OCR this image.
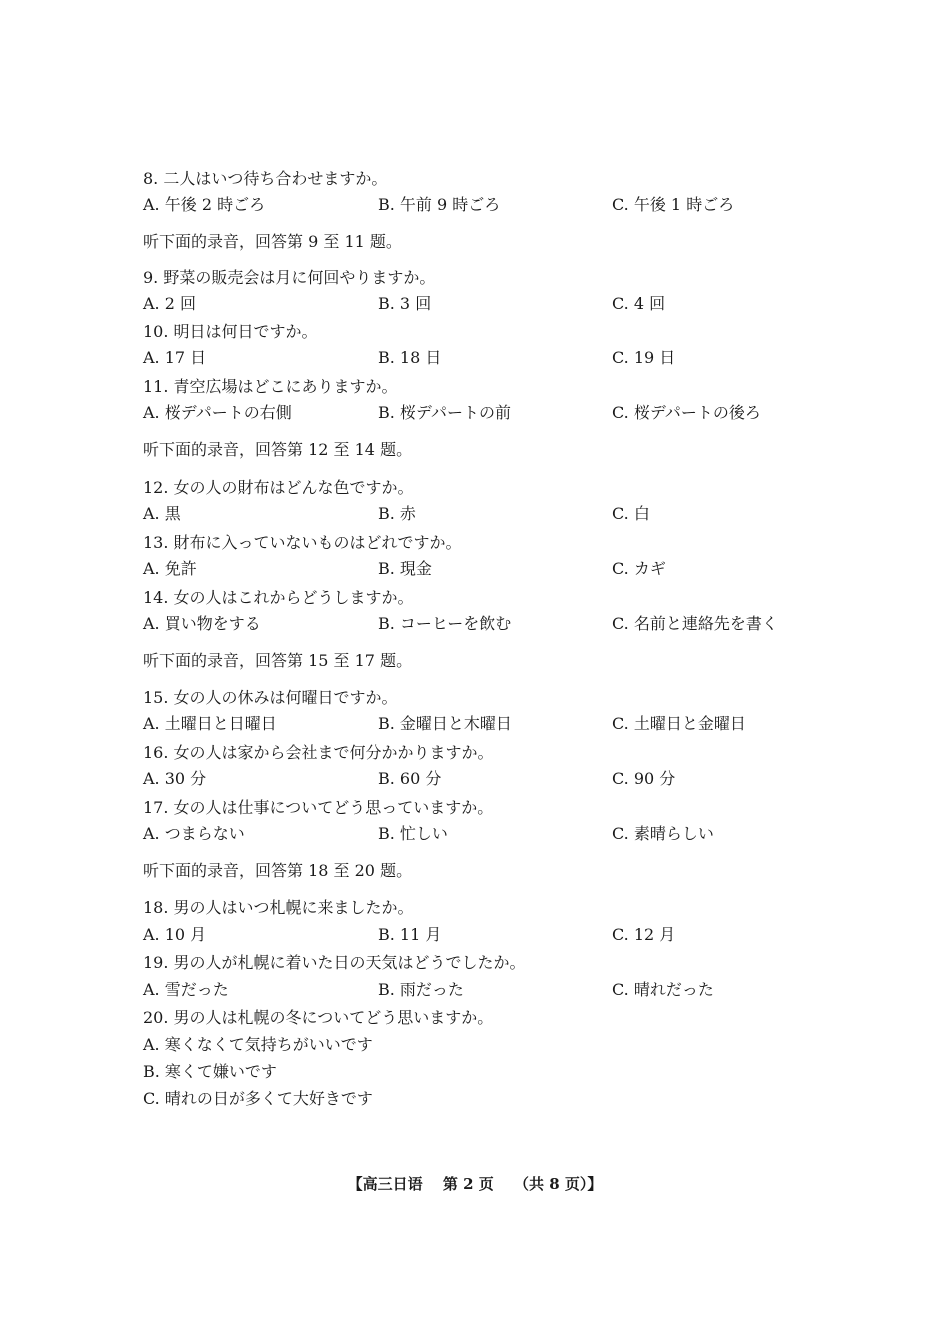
8. 二人はいつ待ち合わせますか。
A. 午後 2 時ごろ	B. 午前 9 時ごろ	C. 午後 1 時ごろ
听下面的录音，回答第 9 至 11 题。
9. 野菜の販売会は月に何回やりますか。
A. 2 回	B. 3 回	C. 4 回
10. 明日は何日ですか。
A. 17 日	B. 18 日	C. 19 日
11. 青空広場はどこにありますか。
A. 桜デパートの右側	B. 桜デパートの前	C. 桜デパートの後ろ
听下面的录音，回答第 12 至 14 题。
12. 女の人の財布はどんな色ですか。
A. 黒	B. 赤	C. 白
13. 財布に入っていないものはどれですか。
A. 免許	B. 現金	C. カギ
14. 女の人はこれからどうしますか。
A. 買い物をする	B. コーヒーを飲む	C. 名前と連絡先を書く
听下面的录音，回答第 15 至 17 题。
15. 女の人の休みは何曜日ですか。
A. 土曜日と日曜日	B. 金曜日と木曜日	C. 土曜日と金曜日
16. 女の人は家から会社まで何分かかりますか。
A. 30 分	B. 60 分	C. 90 分
17. 女の人は仕事についてどう思っていますか。
A. つまらない	B. 忙しい	C. 素晴らしい
听下面的录音，回答第 18 至 20 题。
18. 男の人はいつ札幌に来ましたか。
A. 10 月	B. 11 月	C. 12 月
19. 男の人が札幌に着いた日の天気はどうでしたか。
A. 雪だった	B. 雨だった	C. 晴れだった
20. 男の人は札幌の冬についてどう思いますか。
A. 寒くなくて気持ちがいいです
B. 寒くて嫌いです
C. 晴れの日が多くて大好きです
【高三日语　 第 2 页　 （共 8 页）】
